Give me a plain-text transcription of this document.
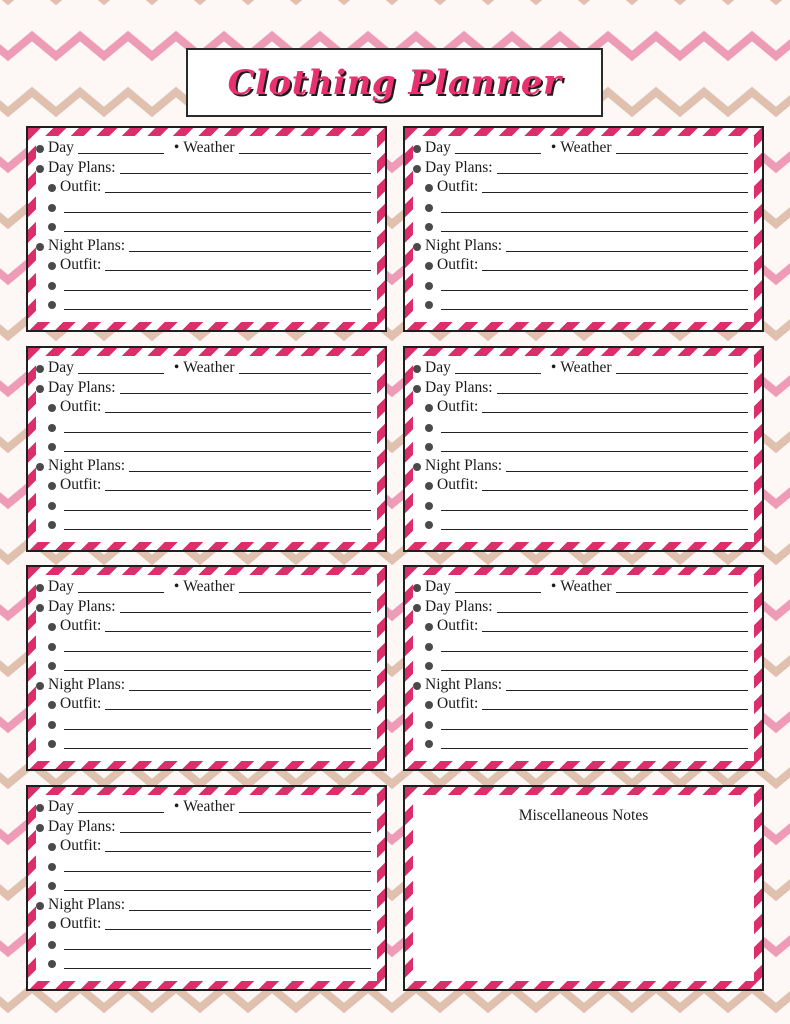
Clothing Planner
Day	• Weather
Day Plans:
Outfit:
Night Plans:
Outfit:
Day	• Weather
Day Plans:
Outfit:
Night Plans:
Outfit:
Day	• Weather
Day Plans:
Outfit:
Night Plans:
Outfit:
Day	• Weather
Day Plans:
Outfit:
Night Plans:
Outfit:
Day	• Weather
Day Plans:
Outfit:
Night Plans:
Outfit:
Day	• Weather
Day Plans:
Outfit:
Night Plans:
Outfit:
Day	• Weather
Day Plans:
Outfit:
Night Plans:
Outfit:
Miscellaneous Notes
